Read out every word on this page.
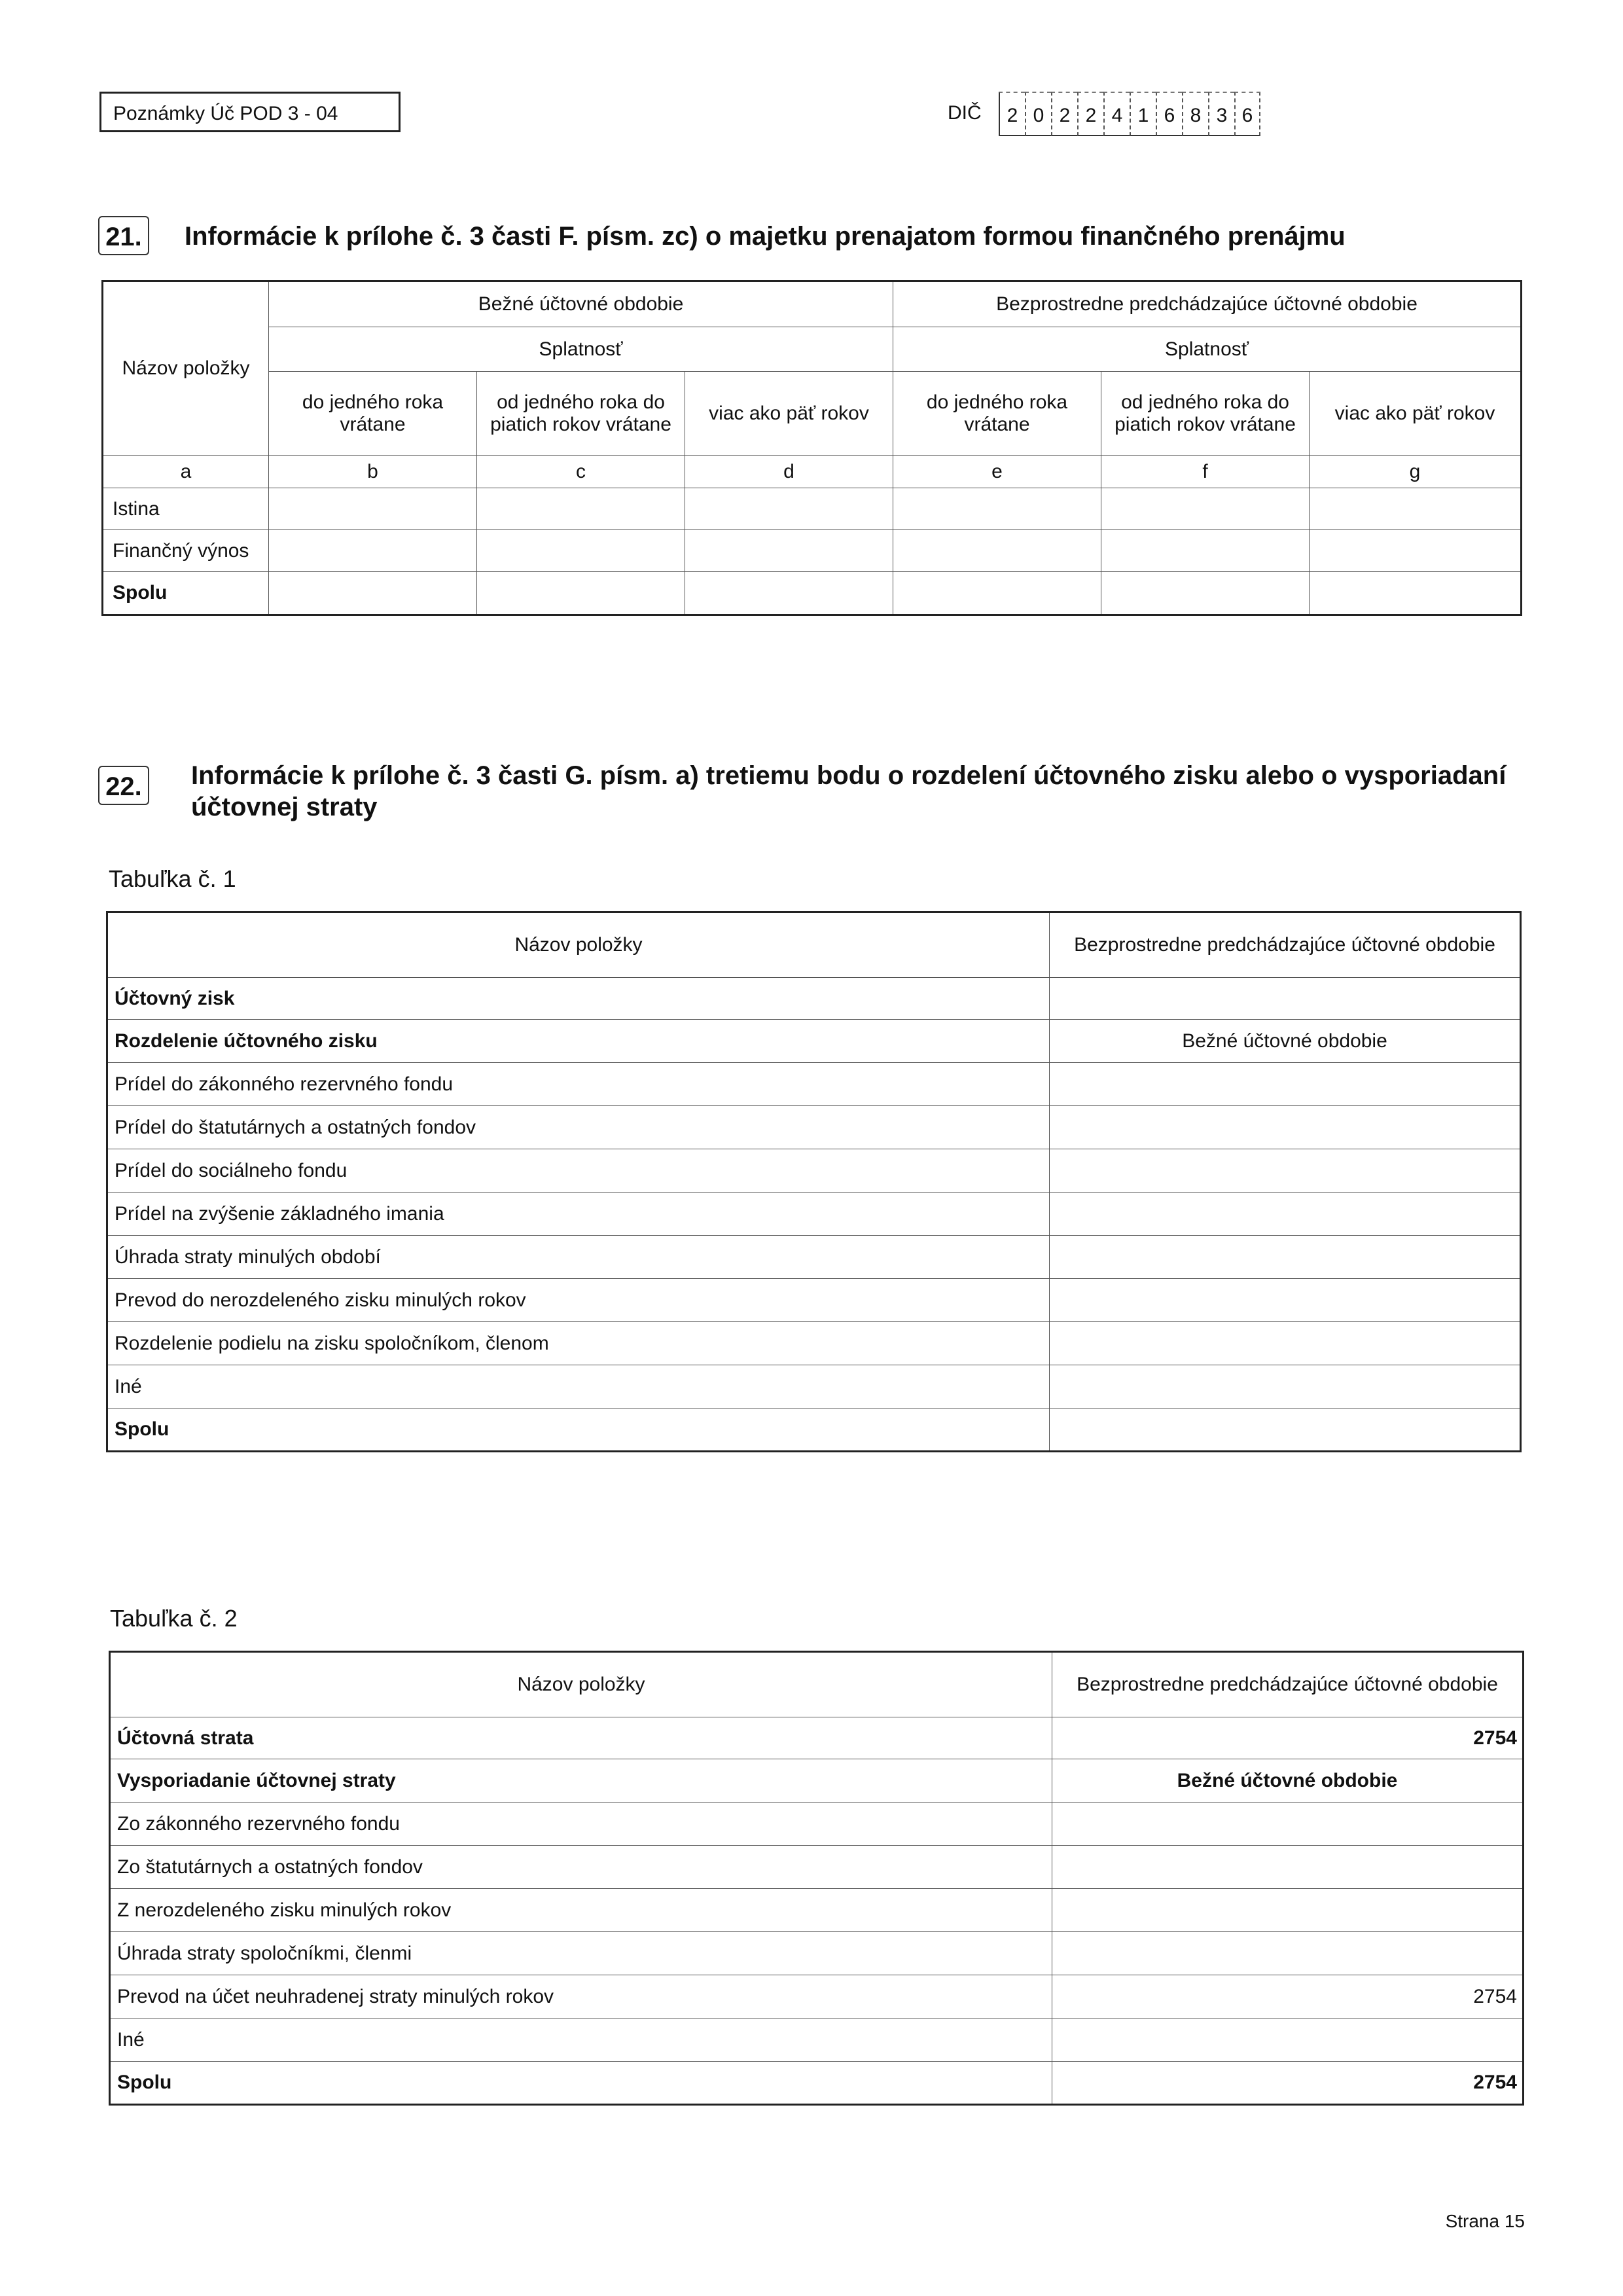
Poznámky Úč POD 3 - 04	DIČ	2 0 2 2 4 1 6 8 3 6
21. Informácie k prílohe č. 3 časti F. písm. zc) o majetku prenajatom formou finančného prenájmu
Názov položky	Bežné účtovné obdobie			Bezprostredne predchádzajúce účtovné obdobie		
	Splatnosť			Splatnosť		
	do jedného roka vrátane	od jedného roka do piatich rokov vrátane	viac ako päť rokov	do jedného roka vrátane	od jedného roka do piatich rokov vrátane	viac ako päť rokov
a	b	c	d	e	f	g
Istina						
Finančný výnos						
Spolu						
22. Informácie k prílohe č. 3 časti G. písm. a) tretiemu bodu o rozdelení účtovného zisku alebo o vysporiadaní
účtovnej straty
Tabuľka č. 1
Názov položky	Bezprostredne predchádzajúce účtovné obdobie
Účtovný zisk	
Rozdelenie účtovného zisku	Bežné účtovné obdobie
Prídel do zákonného rezervného fondu	
Prídel do štatutárnych a ostatných fondov	
Prídel do sociálneho fondu	
Prídel na zvýšenie základného imania	
Úhrada straty minulých období	
Prevod do nerozdeleného zisku minulých rokov	
Rozdelenie podielu na zisku spoločníkom, členom	
Iné	
Spolu	
Tabuľka č. 2
Názov položky	Bezprostredne predchádzajúce účtovné obdobie
Účtovná strata	2754
Vysporiadanie účtovnej straty	Bežné účtovné obdobie
Zo zákonného rezervného fondu	
Zo štatutárnych a ostatných fondov	
Z nerozdeleného zisku minulých rokov	
Úhrada straty spoločníkmi, členmi	
Prevod na účet neuhradenej straty minulých rokov	2754
Iné	
Spolu	2754
Strana 15
